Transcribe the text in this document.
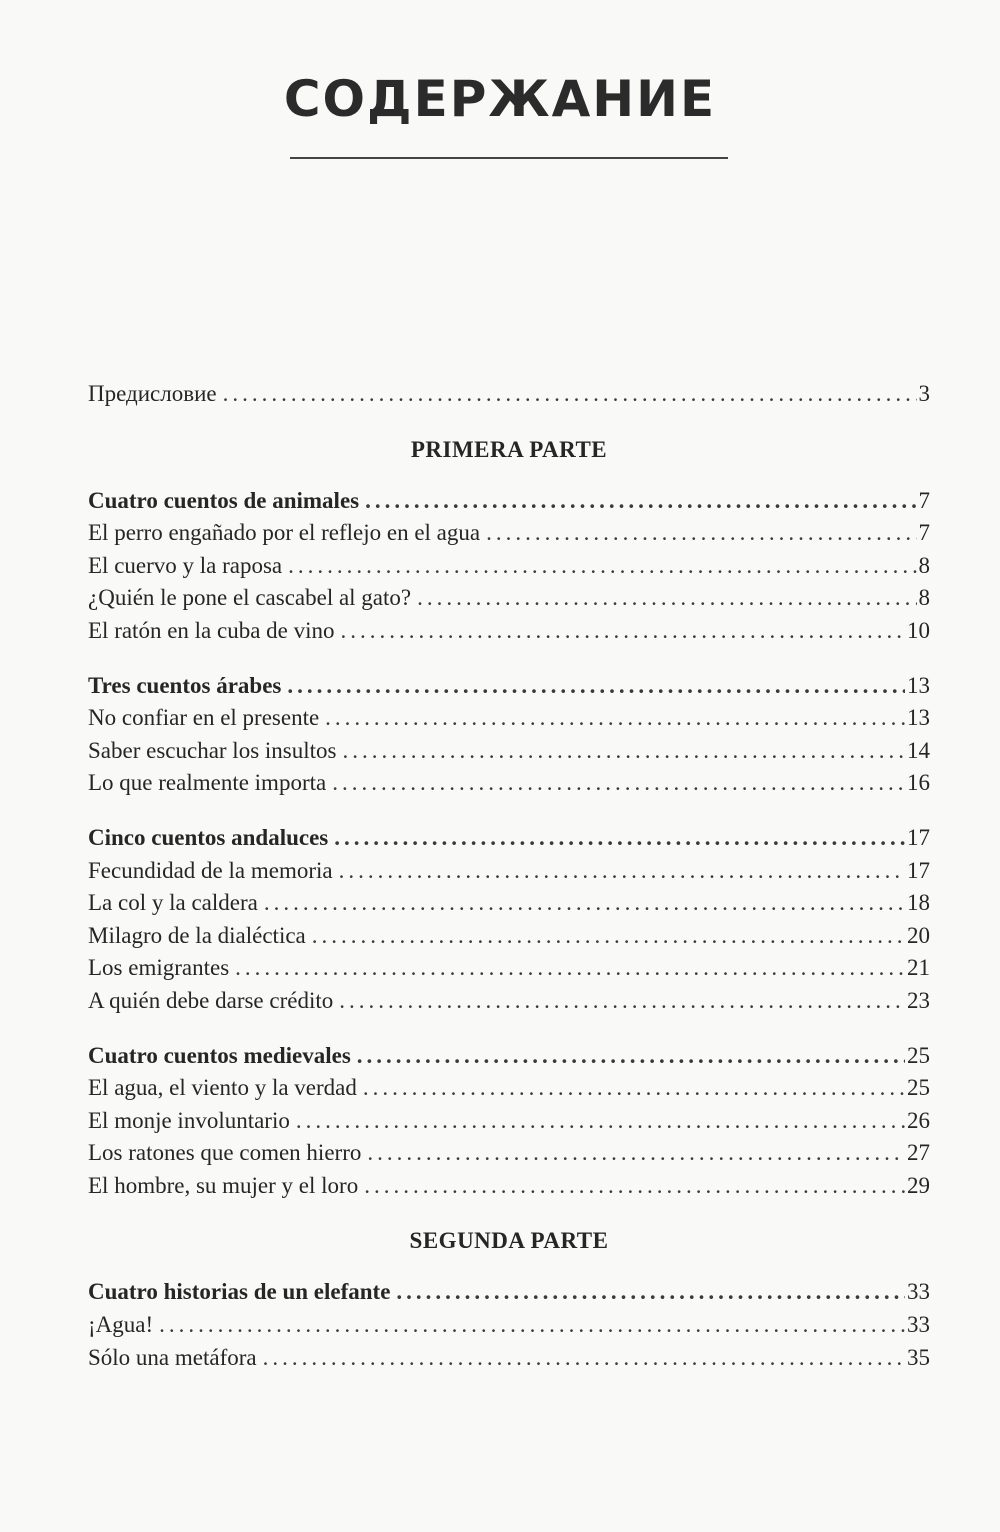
СОДЕРЖАНИЕ
Предисловие .....	3
PRIMERA PARTE
Cuatro cuentos de animales .....	7
El perro engañado por el reflejo en el agua .....	7
El cuervo y la raposa .....	8
¿Quién le pone el cascabel al gato? .....	8
El ratón en la cuba de vino .....	10
Tres cuentos árabes .....	13
No confiar en el presente .....	13
Saber escuchar los insultos .....	14
Lo que realmente importa .....	16
Cinco cuentos andaluces .....	17
Fecundidad de la memoria .....	17
La col y la caldera .....	18
Milagro de la dialéctica .....	20
Los emigrantes .....	21
A quién debe darse crédito .....	23
Cuatro cuentos medievales .....	25
El agua, el viento y la verdad .....	25
El monje involuntario .....	26
Los ratones que comen hierro .....	27
El hombre, su mujer y el loro .....	29
SEGUNDA PARTE
Cuatro historias de un elefante .....	33
¡Agua! .....	33
Sólo una metáfora .....	35
